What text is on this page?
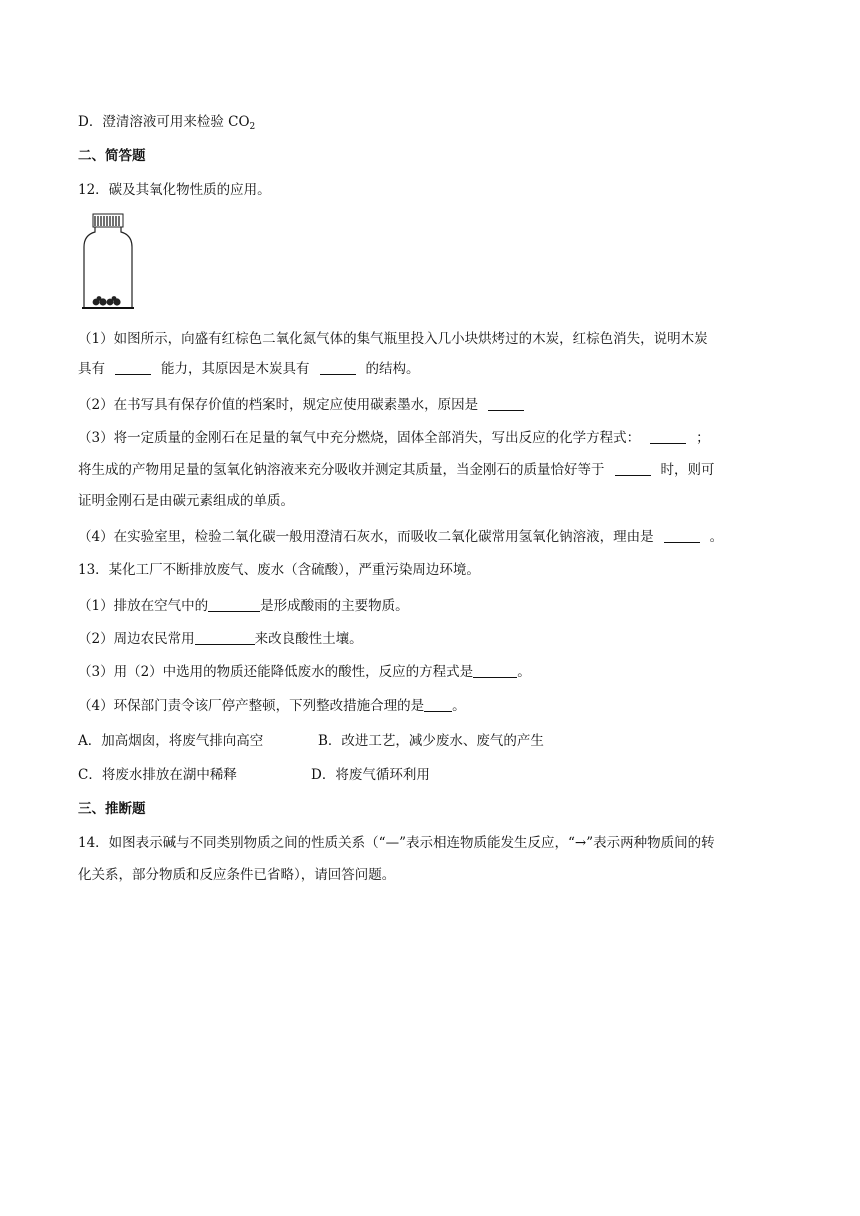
D．澄清溶液可用来检验 $CO_2$
二、简答题
12．碳及其氧化物性质的应用。
（1）如图所示，向盛有红棕色二氧化氮气体的集气瓶里投入几小块烘烤过的木炭，红棕色消失，说明木炭
具有	能力，其原因是木炭具有	的结构。
（2）在书写具有保存价值的档案时，规定应使用碳素墨水，原因是
（3）将一定质量的金刚石在足量的氧气中充分燃烧，固体全部消失，写出反应的化学方程式：	；
将生成的产物用足量的氢氧化钠溶液来充分吸收并测定其质量，当金刚石的质量恰好等于	时，则可
证明金刚石是由碳元素组成的单质。
（4）在实验室里，检验二氧化碳一般用澄清石灰水，而吸收二氧化碳常用氢氧化钠溶液，理由是	。
13．某化工厂不断排放废气、废水（含硫酸），严重污染周边环境。
（1）排放在空气中的	是形成酸雨的主要物质。
（2）周边农民常用	来改良酸性土壤。
（3）用（2）中选用的物质还能降低废水的酸性，反应的方程式是	。
（4）环保部门责令该厂停产整顿，下列整改措施合理的是 。
A．加高烟囱，将废气排向高空	B．改进工艺，减少废水、废气的产生
C．将废水排放在湖中稀释	D．将废气循环利用
三、推断题
14．如图表示碱与不同类别物质之间的性质关系（“—”表示相连物质能发生反应，“→”表示两种物质间的转
化关系，部分物质和反应条件已省略），请回答问题。
